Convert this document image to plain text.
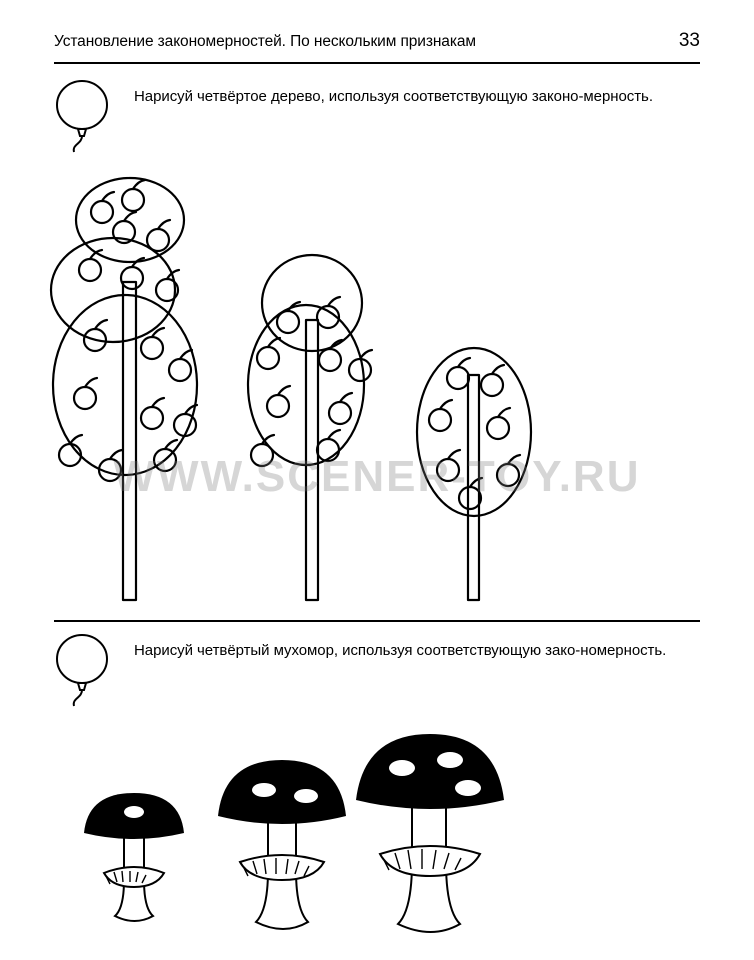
Установление закономерностей. По нескольким признакам	33
Нарисуй четвёртое дерево, используя соответствующую законо-мерность.
Нарисуй четвёртый мухомор, используя соответствующую зако-номерность.
WWW.SCENER-TOY.RU
